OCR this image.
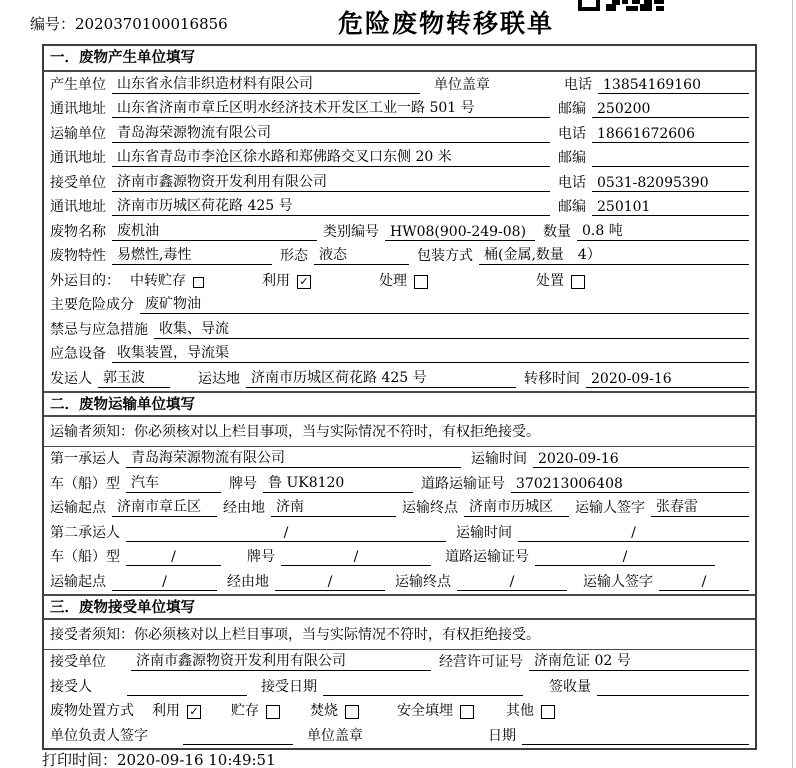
编号：2020370100016856	危险废物转移联单
一．废物产生单位填写
产生单位 山东省永信非织造材料有限公司	单位盖章	电话 13854169160
通讯地址 山东省济南市章丘区明水经济技术开发区工业一路 501 号	邮编 250200
运输单位 青岛海荣源物流有限公司	电话 18661672606
通讯地址 山东省青岛市李沧区徐水路和郑佛路交叉口东侧 20 米	邮编
接受单位 济南市鑫源物资开发利用有限公司	电话 0531-82095390
通讯地址 济南市历城区荷花路 425 号	邮编 250101
废物名称 废机油	类别编号 HW08(900-249-08)	数量 0.8 吨
废物特性 易燃性,毒性	形态 液态	包装方式 桶(金属,数量　4）
外运目的： 中转贮存	利用 ✓	处理	处置
主要危险成分 废矿物油
禁忌与应急措施 收集、导流
应急设备 收集装置，导流渠
发运人 郭玉波	运达地 济南市历城区荷花路 425 号	转移时间 2020-09-16
二．废物运输单位填写
运输者须知：你必须核对以上栏目事项，当与实际情况不符时，有权拒绝接受。
第一承运人 青岛海荣源物流有限公司	运输时间 2020-09-16
车（船）型 汽车	牌号 鲁 UK8120	道路运输证号 370213006408
运输起点 济南市章丘区	经由地 济南	运输终点 济南市历城区	运输人签字 张春雷
第二承运人	/	运输时间	/
车（船）型	/	牌号	/	道路运输证号	/
运输起点	/	经由地	/	运输终点	/	运输人签字	/
三．废物接受单位填写
接受者须知：你必须核对以上栏目事项，当与实际情况不符时，有权拒绝接受。
接受单位	济南市鑫源物资开发利用有限公司	经营许可证号 济南危证 02 号
接受人	接受日期	签收量
废物处置方式 利用 ✓ 贮存	焚烧	安全填埋	其他
单位负责人签字	单位盖章	日期
打印时间：2020-09-16 10:49:51
